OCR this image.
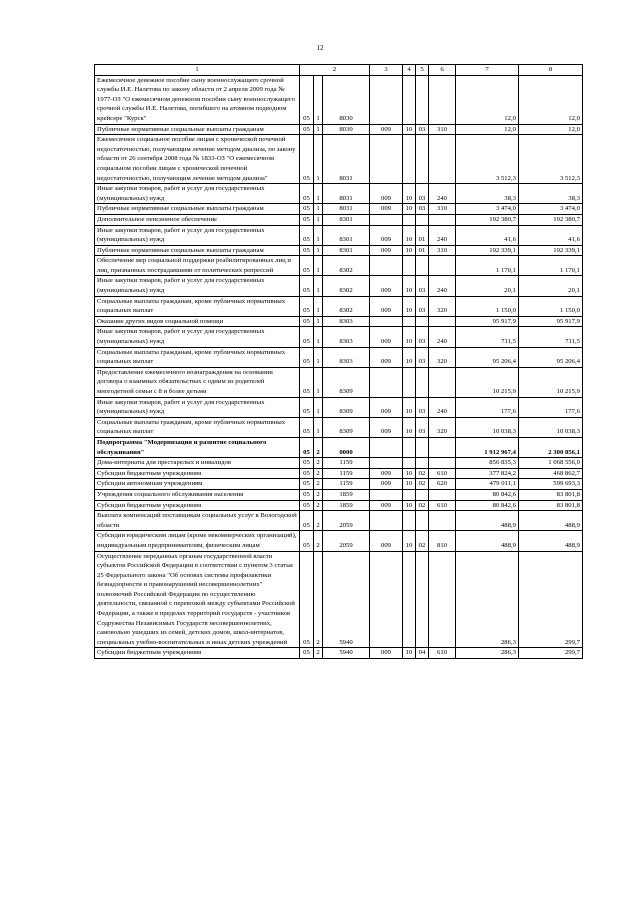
12
1	2			3	4	5	6	7	8
Ежемесячное денежное пособие сыну военнослужащего срочной службы И.Е. Налетова по закону области от 2 апреля 2009 года № 1977-ОЗ "О ежемесячном денежном пособии сыну военнослужащего срочной службы И.Е. Налетова, погибшего на атомном подводном крейсере "Курск"	05	1	8030					12,0	12,0
Публичные нормативные социальные выплаты гражданам	05	1	8030	009	10	03	310	12,0	12,0
Ежемесячное социальное пособие лицам с хронической почечной недостаточностью, получающим лечение методом диализа, по закону области от 26 сентября 2008 года № 1833-ОЗ "О ежемесячном социальном пособии лицам с хронической почечной недостаточностью, получающим лечение методом диализа"	05	1	8031					3 512,3	3 512,3
Иные закупки товаров, работ и услуг для государственных (муниципальных) нужд	05	1	8031	009	10	03	240	38,3	38,3
Публичные нормативные социальные выплаты гражданам	05	1	8031	009	10	03	310	3 474,0	3 474,0
Дополнительное пенсионное обеспечение	05	1	8301					192 380,7	192 380,7
Иные закупки товаров, работ и услуг для государственных (муниципальных) нужд	05	1	8301	009	10	01	240	41,6	41,6
Публичные нормативные социальные выплаты гражданам	05	1	8301	009	10	01	310	192 339,1	192 339,1
Обеспечение мер социальной поддержки реабилитированных лиц и лиц, признанных пострадавшими от политических репрессий	05	1	8302					1 170,1	1 170,1
Иные закупки товаров, работ и услуг для государственных (муниципальных) нужд	05	1	8302	009	10	03	240	20,1	20,1
Социальные выплаты гражданам, кроме публичных нормативных социальных выплат	05	1	8302	009	10	03	320	1 150,0	1 150,0
Оказание других видов социальной помощи	05	1	8303					95 917,9	95 917,9
Иные закупки товаров, работ и услуг для государственных (муниципальных) нужд	05	1	8303	009	10	03	240	711,5	711,5
Социальные выплаты гражданам, кроме публичных нормативных социальных выплат	05	1	8303	009	10	03	320	95 206,4	95 206,4
Предоставление ежемесячного вознаграждения на основании договора о взаимных обязательствах с одним из родителей многодетной семьи с 8 и более детьми	05	1	8309					10 215,9	10 215,9
Иные закупки товаров, работ и услуг для государственных (муниципальных) нужд	05	1	8309	009	10	03	240	177,6	177,6
Социальные выплаты гражданам, кроме публичных нормативных социальных выплат	05	1	8309	009	10	03	320	10 038,3	10 038,3
Подпрограмма "Модернизация и развитие социального обслуживания"	05	2	0000					1 912 967,4	2 300 856,1
Дома-интернаты для престарелых и инвалидов	05	2	1159					856 835,3	1 068 556,0
Субсидии бюджетным учреждениям	05	2	1159	009	10	02	610	377 824,2	468 862,7
Субсидии автономным учреждениям	05	2	1159	009	10	02	620	479 011,1	599 693,3
Учреждения социального обслуживания населения	05	2	1859					80 842,6	83 801,8
Субсидии бюджетным учреждениям	05	2	1859	009	10	02	610	80 842,6	83 801,8
Выплата компенсаций поставщикам социальных услуг в Вологодской области	05	2	2059					488,9	488,9
Субсидии юридическим лицам (кроме некоммерческих организаций), индивидуальным предпринимателям, физическим лицам	05	2	2059	009	10	02	810	488,9	488,9
Осуществление переданных органам государственной власти субъектов Российской Федерации в соответствии с пунктом 3 статьи 25 Федерального закона "Об основах системы профилактики безнадзорности и правонарушений несовершеннолетних" полномочий Российской Федерации по осуществлению деятельности, связанной с перевозкой между субъектами Российской Федерации, а также в пределах территорий государств - участников Содружества Независимых Государств несовершеннолетних, самовольно ушедших из семей, детских домов, школ-интернатов, специальных учебно-воспитательных и иных детских учреждений	05	2	5940					286,3	299,7
Субсидии бюджетным учреждениям	05	2	5940	009	10	04	610	286,3	299,7
